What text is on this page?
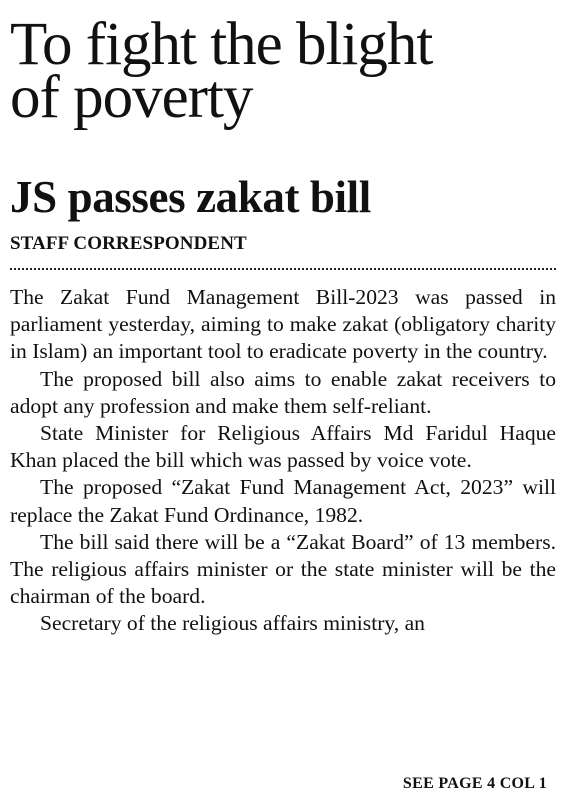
To fight the blight
of poverty
JS passes zakat bill
STAFF CORRESPONDENT

The Zakat Fund Management Bill-2023 was passed in parliament yesterday, aiming to make zakat (obligatory charity in Islam) an important tool to eradicate poverty in the country.

The proposed bill also aims to enable zakat receivers to adopt any profession and make them self-reliant.

State Minister for Religious Affairs Md Faridul Haque Khan placed the bill which was passed by voice vote.

The proposed “Zakat Fund Management Act, 2023” will replace the Zakat Fund Ordinance, 1982.

The bill said there will be a “Zakat Board” of 13 members. The religious affairs minister or the state minister will be the chairman of the board.

Secretary of the religious affairs ministry, an

SEE PAGE 4 COL 1
